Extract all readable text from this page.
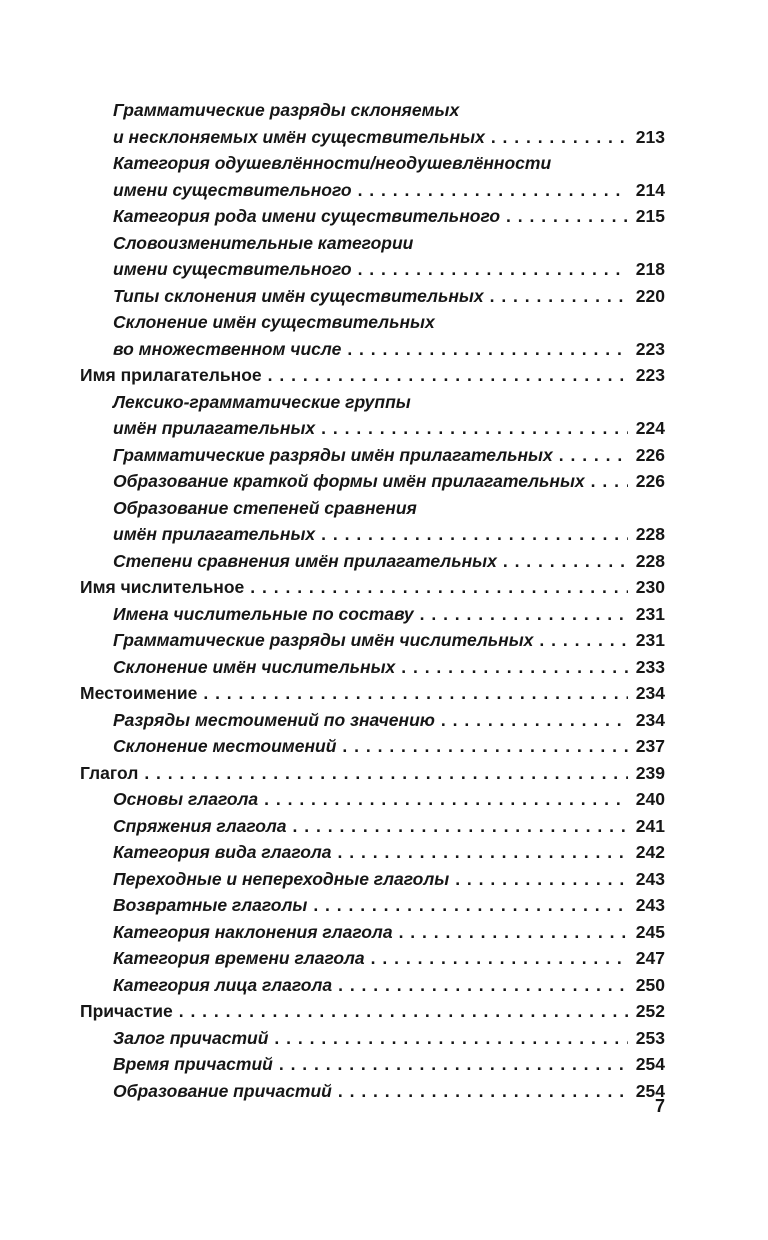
Грамматические разряды склоняемых
и несклоняемых имён существительных . . .	213
Категория одушевлённости/неодушевлённости
имени существительного . . .	214
Категория рода имени существительного . . .	215
Словоизменительные категории
имени существительного . . .	218
Типы склонения имён существительных . . .	220
Склонение имён существительных
во множественном числе . . .	223
Имя прилагательное . . .	223
Лексико-грамматические группы
имён прилагательных . . .	224
Грамматические разряды имён прилагательных . . .	226
Образование краткой формы имён прилагательных . . .	226
Образование степеней сравнения
имён прилагательных . . .	228
Степени сравнения имён прилагательных . . .	228
Имя числительное . . .	230
Имена числительные по составу . . .	231
Грамматические разряды имён числительных . . .	231
Склонение имён числительных . . .	233
Местоимение . . .	234
Разряды местоимений по значению . . .	234
Склонение местоимений . . .	237
Глагол . . .	239
Основы глагола . . .	240
Спряжения глагола . . .	241
Категория вида глагола . . .	242
Переходные и непереходные глаголы . . .	243
Возвратные глаголы . . .	243
Категория наклонения глагола . . .	245
Категория времени глагола . . .	247
Категория лица глагола . . .	250
Причастие . . .	252
Залог причастий . . .	253
Время причастий . . .	254
Образование причастий . . .	254
7
